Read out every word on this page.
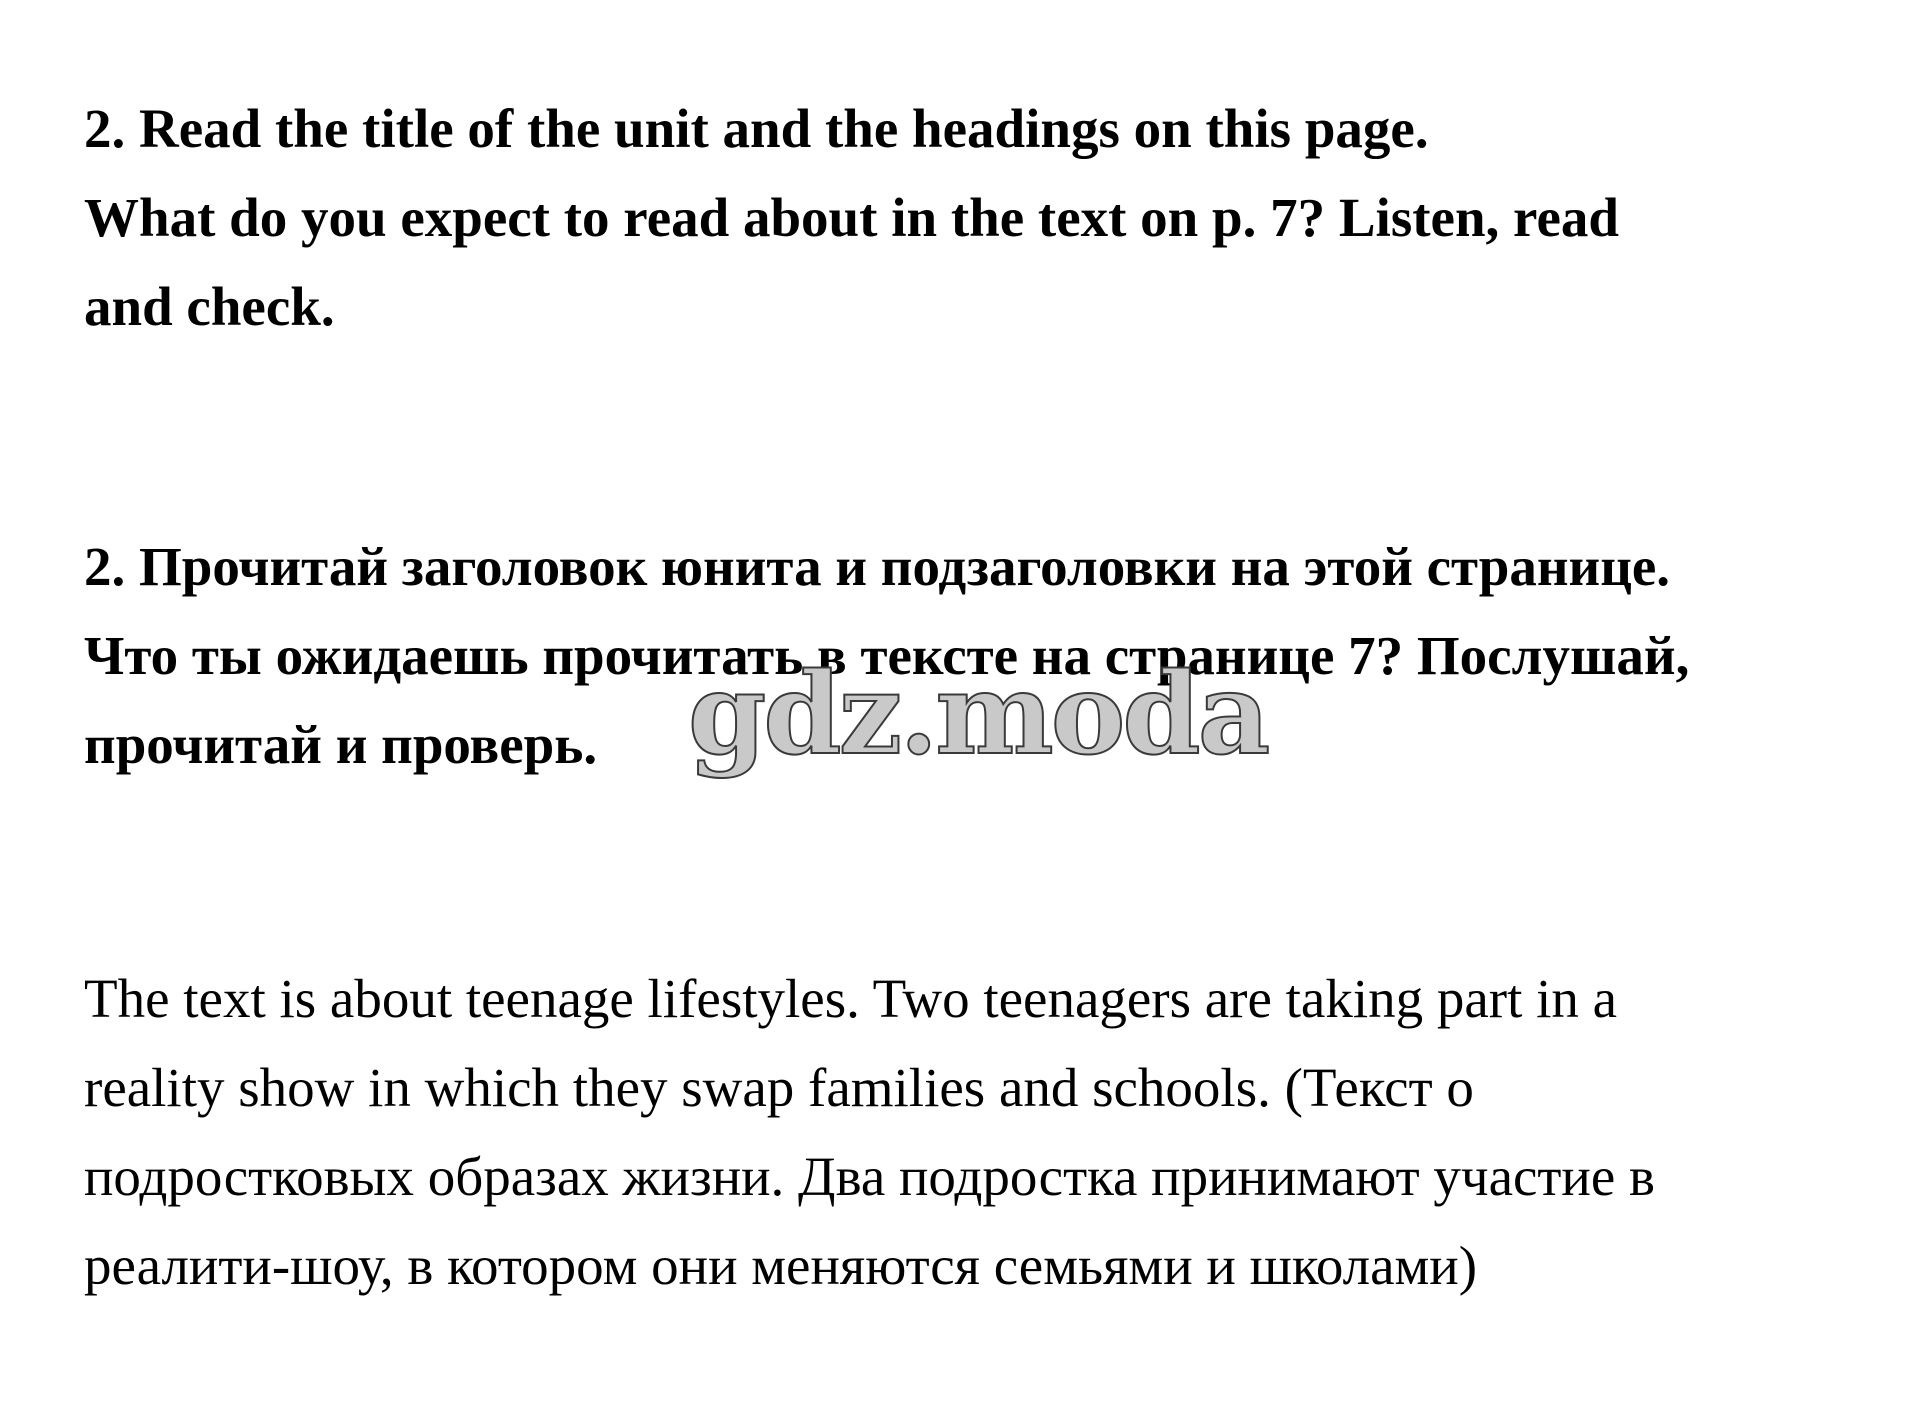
2. Read the title of the unit and the headings on this page.
What do you expect to read about in the text on p. 7? Listen, read
and check.
2. Прочитай заголовок юнита и подзаголовки на этой странице.
Что ты ожидаешь прочитать в тексте на странице 7? Послушай,
прочитай и проверь. gdz.moda
The text is about teenage lifestyles. Two teenagers are taking part in a
reality show in which they swap families and schools. (Текст о
подростковых образах жизни. Два подростка принимают участие в
реалити-шоу, в котором они меняются семьями и школами)
